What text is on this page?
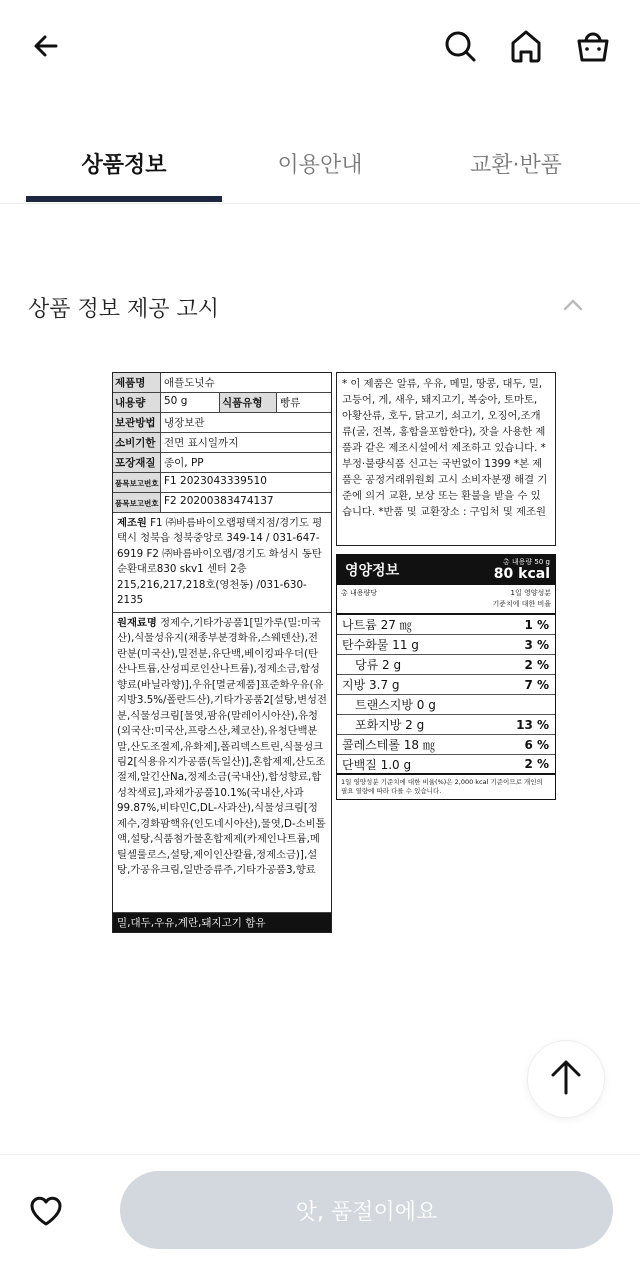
상품정보	이용안내	교환·반품
상품 정보 제공 고시
제품명	애플도넛슈
내용량	50 g	식품유형	빵류
보관방법 냉장보관
소비기한 전면 표시일까지
포장재질 종이, PP
품목보고번호 F1 2023043339510
품목보고번호 F2 20200383474137
제조원 F1 ㈜바름바이오랩평택지점/경기도 평택시 청북읍 청북중앙로 349-14 / 031-647-6919 F2 ㈜바름바이오랩/경기도 화성시 동탄순환대로830 skv1 센터 2층 215,216,217,218호(영천동) /031-630-2135
원재료명 정제수,기타가공품1[밀가루(밀:미국산),식물성유지(채종부분경화유,스웨덴산),전란분(미국산),밀전분,유단백,베이킹파우더(탄산나트륨,산성피로인산나트륨),정제소금,합성향료(바닐라향)],우유[멸균제품]표준화우유(유지방3.5%/폴란드산),기타가공품2[설탕,변성전분,식물성크림[물엿,팜유(말레이시아산),유청(외국산:미국산,프랑스산,체코산),유청단백분말,산도조절제,유화제],폴리덱스트린,식물성크림2[식용유지가공품(독일산)],혼합제제,산도조절제,알긴산Na,정제소금(국내산),합성향료,합성착색료],과채가공품10.1%(국내산,사과99.87%,비타민C,DL-사과산),식물성크림[정제수,경화팜핵유(인도네시아산),물엿,D-소비톨액,설탕,식품첨가물혼합제제(카제인나트륨,메틸셀룰로스,설탕,제이인산칼륨,정제소금)],설탕,가공유크림,일반증류주,기타가공품3,향료
밀,대두,우유,계란,돼지고기 함유
* 이 제품은 알류, 우유, 메밀, 땅콩, 대두, 밀, 고등어, 게, 새우, 돼지고기, 복숭아, 토마토, 아황산류, 호두, 닭고기, 쇠고기, 오징어,조개류(굴, 전복, 홍합을포함한다), 잣을 사용한 제품과 같은 제조시설에서 제조하고 있습니다. *부정·불량식품 신고는 국번없이 1399 *본 제품은 공정거래위원회 고시 소비자분쟁 해결 기준에 의거 교환, 보상 또는 환불을 받을 수 있습니다. *반품 및 교환장소 : 구입처 및 제조원
영양정보
총 내용량 50 g
80 kcal
총 내용량당	1일 영양성분
기준치에 대한 비율
나트륨 27 ㎎	1 %
탄수화물 11 g	3 %
당류 2 g	2 %
지방 3.7 g	7 %
트랜스지방 0 g
포화지방 2 g	13 %
콜레스테롤 18 ㎎	6 %
단백질 1.0 g	2 %
1일 영양성분 기준치에 대한 비율(%)은 2,000 kcal 기준이므로 개인의 필요 열량에 따라 다를 수 있습니다.
앗, 품절이에요
